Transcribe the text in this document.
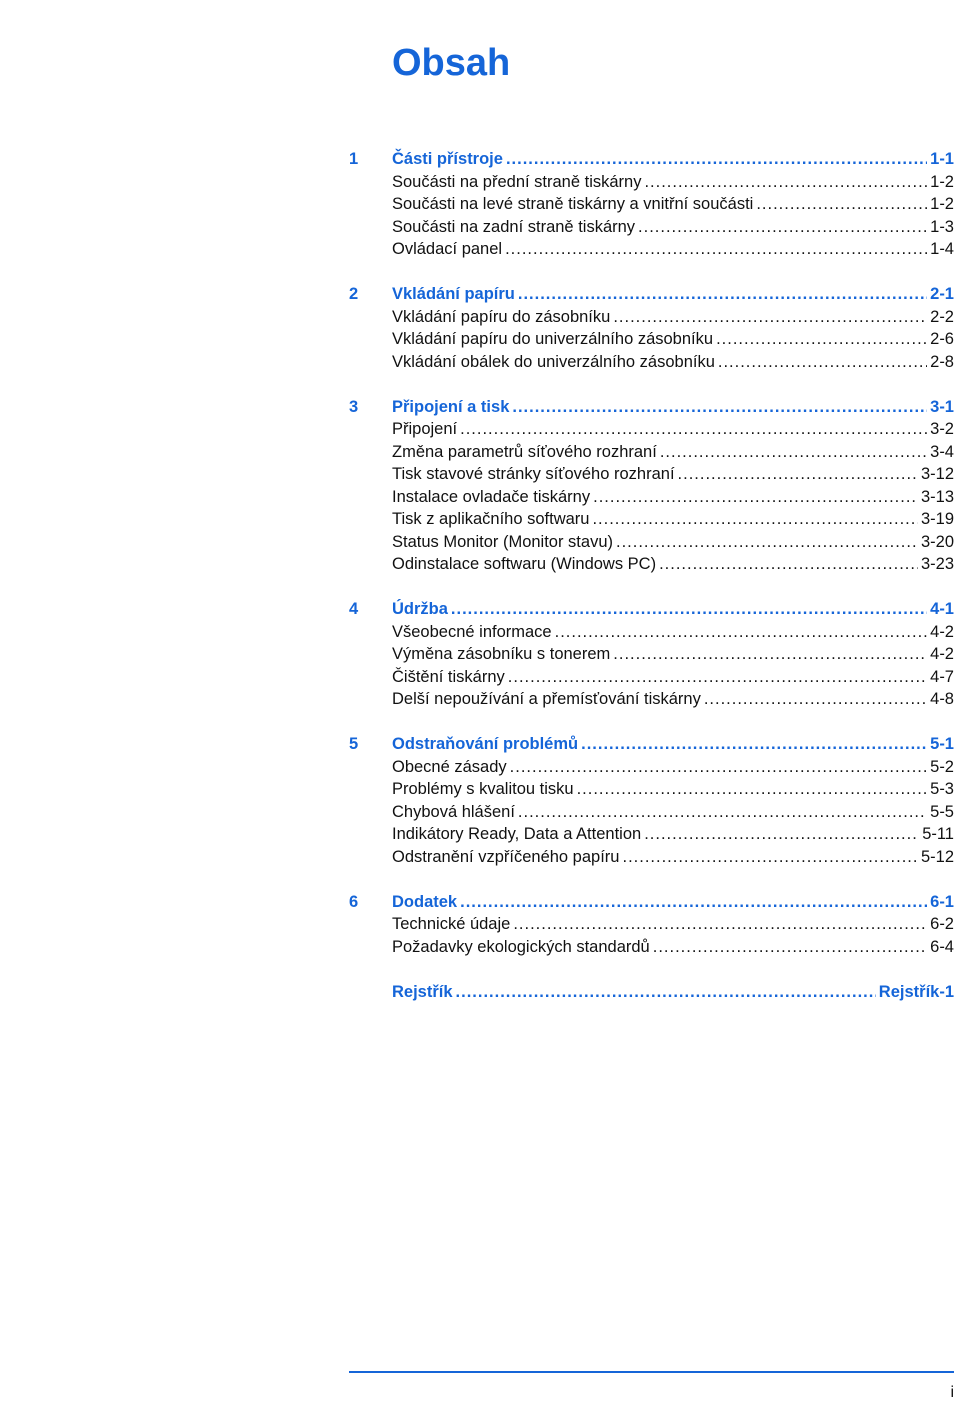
Obsah
1	Části přístroje .....	1-1
Součásti na přední straně tiskárny .....	1-2
Součásti na levé straně tiskárny a vnitřní součásti .....	1-2
Součásti na zadní straně tiskárny .....	1-3
Ovládací panel .....	1-4
2	Vkládání papíru .....	2-1
Vkládání papíru do zásobníku .....	2-2
Vkládání papíru do univerzálního zásobníku .....	2-6
Vkládání obálek do univerzálního zásobníku .....	2-8
3	Připojení a tisk .....	3-1
Připojení .....	3-2
Změna parametrů síťového rozhraní .....	3-4
Tisk stavové stránky síťového rozhraní .....	3-12
Instalace ovladače tiskárny .....	3-13
Tisk z aplikačního softwaru .....	3-19
Status Monitor (Monitor stavu) .....	3-20
Odinstalace softwaru (Windows PC) .....	3-23
4	Údržba .....	4-1
Všeobecné informace .....	4-2
Výměna zásobníku s tonerem .....	4-2
Čištění tiskárny .....	4-7
Delší nepoužívání a přemísťování tiskárny .....	4-8
5	Odstraňování problémů .....	5-1
Obecné zásady .....	5-2
Problémy s kvalitou tisku .....	5-3
Chybová hlášení .....	5-5
Indikátory Ready, Data a Attention .....	5-11
Odstranění vzpříčeného papíru .....	5-12
6	Dodatek .....	6-1
Technické údaje .....	6-2
Požadavky ekologických standardů .....	6-4
Rejstřík .....	Rejstřík-1
i
